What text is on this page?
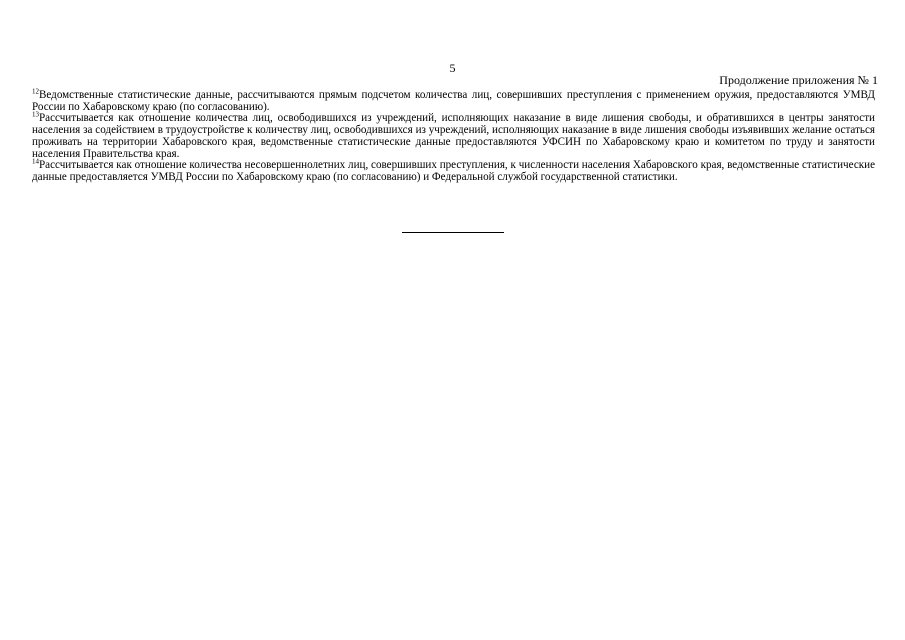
5
Продолжение приложения № 1

$^{12}$Ведомственные статистические данные, рассчитываются прямым подсчетом количества лиц, совершивших преступления с применением оружия, предоставляются УМВД России по Хабаровскому краю (по согласованию).

$^{13}$Рассчитывается как отношение количества лиц, освободившихся из учреждений, исполняющих наказание в виде лишения свободы, и обратившихся в центры занятости населения за содействием в трудоустройстве к количеству лиц, освободившихся из учреждений, исполняющих наказание в виде лишения свободы изъявивших желание остаться проживать на территории Хабаровского края, ведомственные статистические данные предоставляются УФСИН по Хабаровскому краю и комитетом по труду и занятости населения Правительства края.

$^{14}$Рассчитывается как отношение количества несовершеннолетних лиц, совершивших преступления, к численности населения Хабаровского края, ведомственные статистические данные предоставляется УМВД России по Хабаровскому краю (по согласованию) и Федеральной службой государственной статистики.
